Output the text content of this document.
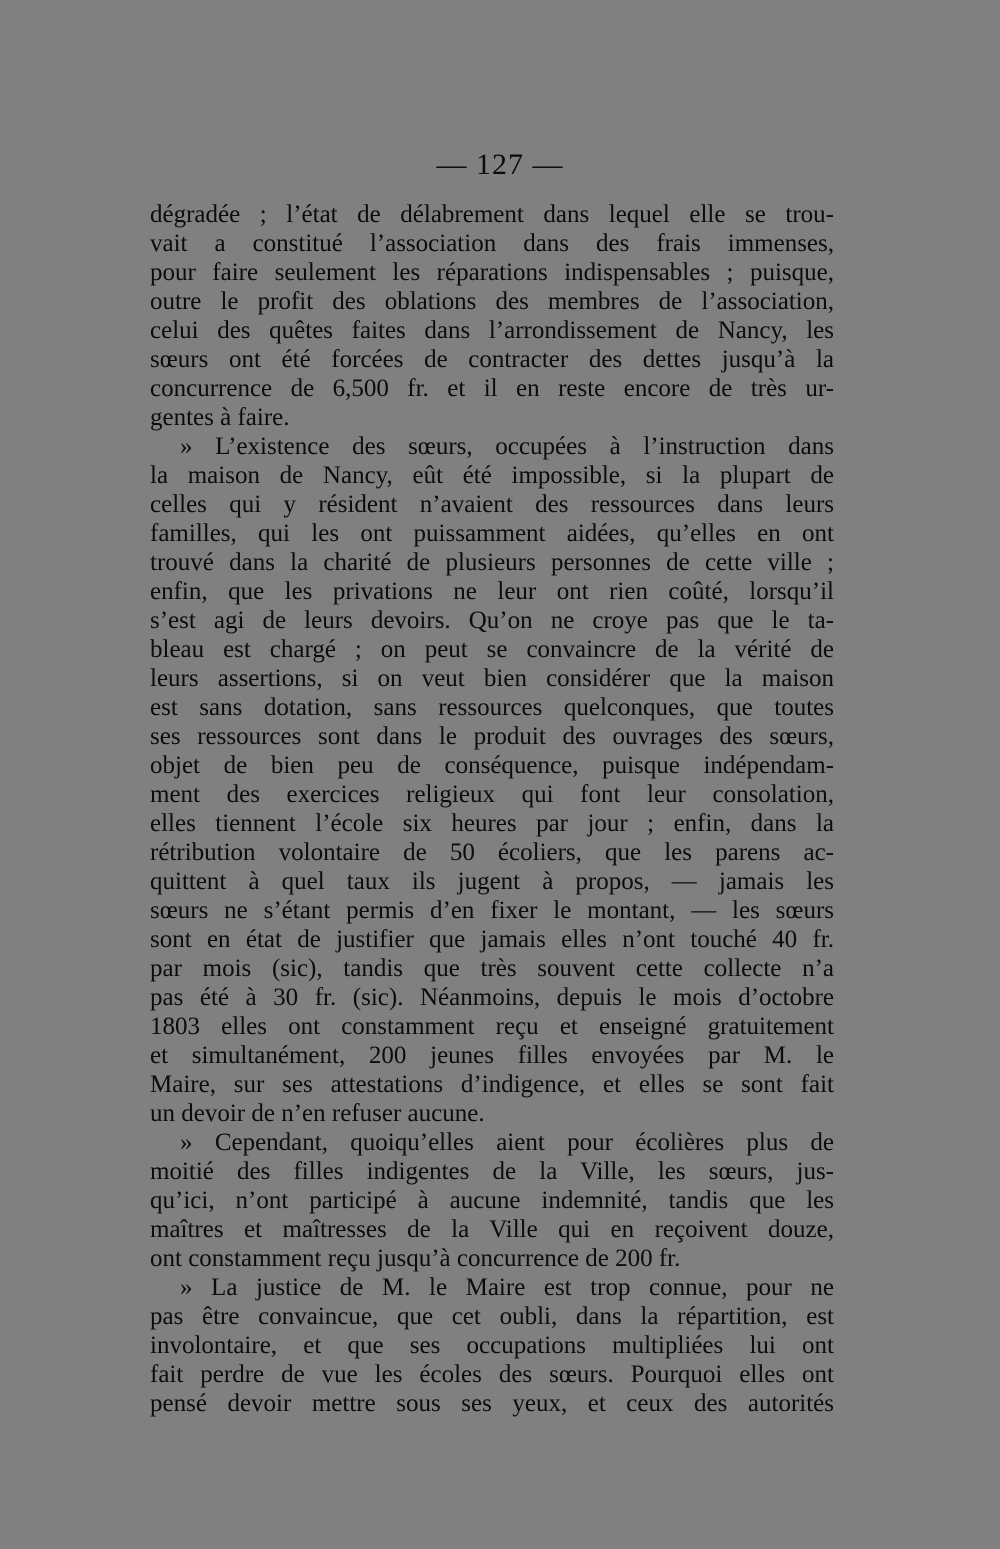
— 127 —
dégradée ; l’état de délabrement dans lequel elle se trou-
vait a constitué l’association dans des frais immenses,
pour faire seulement les réparations indispensables ; puisque,
outre le profit des oblations des membres de l’association,
celui des quêtes faites dans l’arrondissement de Nancy, les
sœurs ont été forcées de contracter des dettes jusqu’à la
concurrence de 6,500 fr. et il en reste encore de très ur-
gentes à faire.
» L’existence des sœurs, occupées à l’instruction dans
la maison de Nancy, eût été impossible, si la plupart de
celles qui y résident n’avaient des ressources dans leurs
familles, qui les ont puissamment aidées, qu’elles en ont
trouvé dans la charité de plusieurs personnes de cette ville ;
enfin, que les privations ne leur ont rien coûté, lorsqu’il
s’est agi de leurs devoirs. Qu’on ne croye pas que le ta-
bleau est chargé ; on peut se convaincre de la vérité de
leurs assertions, si on veut bien considérer que la maison
est sans dotation, sans ressources quelconques, que toutes
ses ressources sont dans le produit des ouvrages des sœurs,
objet de bien peu de conséquence, puisque indépendam-
ment des exercices religieux qui font leur consolation,
elles tiennent l’école six heures par jour ; enfin, dans la
rétribution volontaire de 50 écoliers, que les parens ac-
quittent à quel taux ils jugent à propos, — jamais les
sœurs ne s’étant permis d’en fixer le montant, — les sœurs
sont en état de justifier que jamais elles n’ont touché 40 fr.
par mois (sic), tandis que très souvent cette collecte n’a
pas été à 30 fr. (sic). Néanmoins, depuis le mois d’octobre
1803 elles ont constamment reçu et enseigné gratuitement
et simultanément, 200 jeunes filles envoyées par M. le
Maire, sur ses attestations d’indigence, et elles se sont fait
un devoir de n’en refuser aucune.
» Cependant, quoiqu’elles aient pour écolières plus de
moitié des filles indigentes de la Ville, les sœurs, jus-
qu’ici, n’ont participé à aucune indemnité, tandis que les
maîtres et maîtresses de la Ville qui en reçoivent douze,
ont constamment reçu jusqu’à concurrence de 200 fr.
» La justice de M. le Maire est trop connue, pour ne
pas être convaincue, que cet oubli, dans la répartition, est
involontaire, et que ses occupations multipliées lui ont
fait perdre de vue les écoles des sœurs. Pourquoi elles ont
pensé devoir mettre sous ses yeux, et ceux des autorités
